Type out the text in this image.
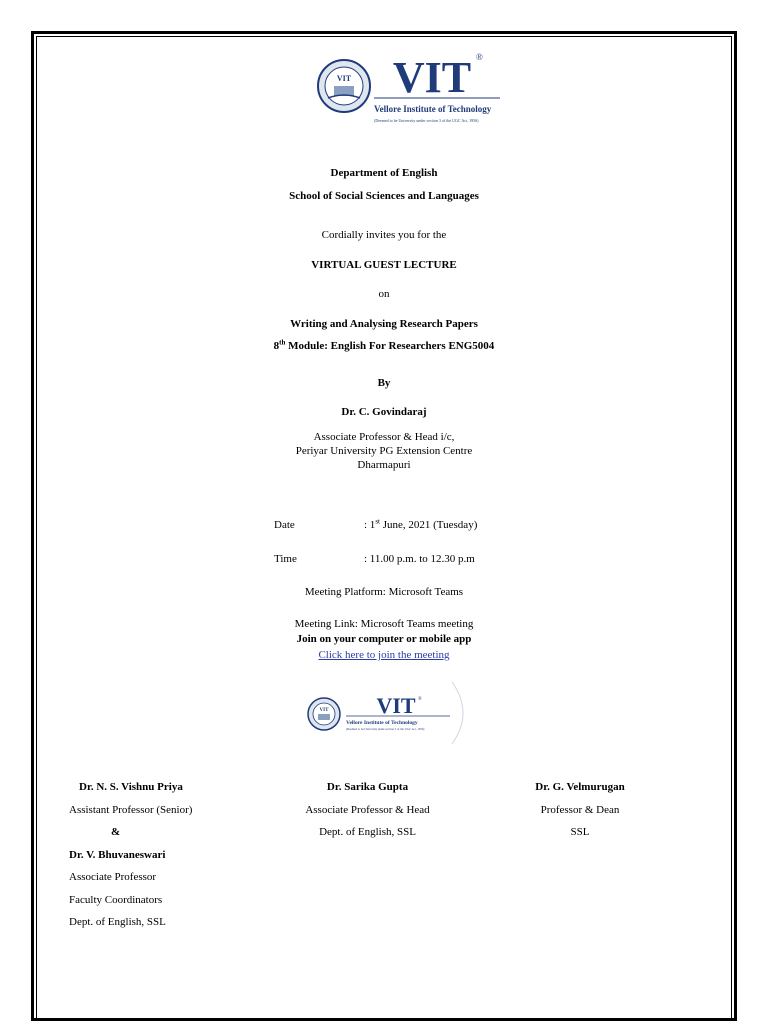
VIT VIT ®
Vellore Institute of Technology
(Deemed to be University under section 3 of the UGC Act, 1956)
Department of English
School of Social Sciences and Languages
Cordially invites you for the
VIRTUAL GUEST LECTURE
on
Writing and Analysing Research Papers
8th Module: English For Researchers ENG5004
By
Dr. C. Govindaraj
Associate Professor & Head i/c,
Periyar University PG Extension Centre
Dharmapuri
Date	: 1st June, 2021 (Tuesday)
Time	: 11.00 p.m. to 12.30 p.m
Meeting Platform: Microsoft Teams
Meeting Link: Microsoft Teams meeting
Join on your computer or mobile app
Click here to join the meeting
VIT VIT ®
Vellore Institute of Technology
(Deemed to be University under section 3 of the UGC Act, 1956)
Dr. N. S. Vishnu Priya
Assistant Professor (Senior)
&
Dr. V. Bhuvaneswari
Associate Professor
Faculty Coordinators
Dept. of English, SSL
Dr. Sarika Gupta
Associate Professor & Head
Dept. of English, SSL
Dr. G. Velmurugan
Professor & Dean
SSL
